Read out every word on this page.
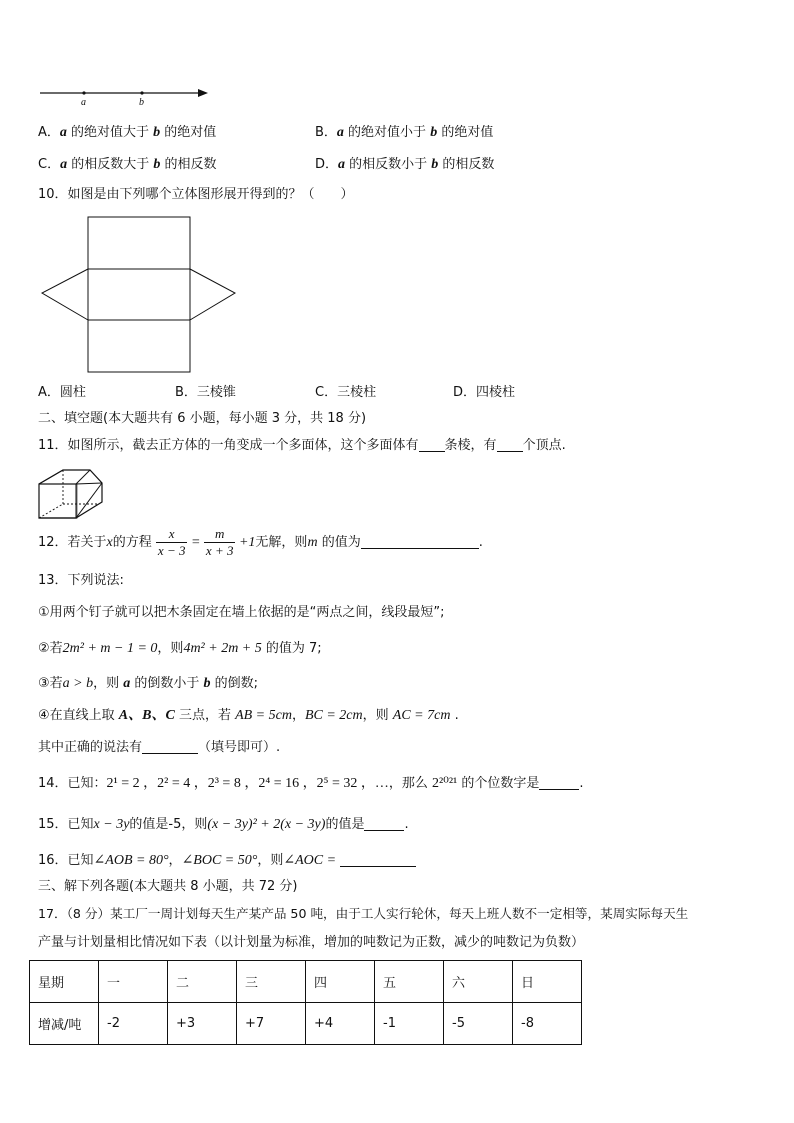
a	b
A．a 的绝对值大于 b 的绝对值	B．a 的绝对值小于 b 的绝对值
C．a 的相反数大于 b 的相反数	D．a 的相反数小于 b 的相反数
10．如图是由下列哪个立体图形展开得到的？（　　）
A．圆柱	B．三棱锥	C．三棱柱	D．四棱柱
二、填空题(本大题共有 6 小题，每小题 3 分，共 18 分)
11．如图所示，截去正方体的一角变成一个多面体，这个多面体有 条棱，有 个顶点.
12．若关于x的方程 $\frac{x}{x - 3} = \frac{m}{x + 3} +1$无解，则m 的值为	.
13．下列说法:
①用两个钉子就可以把木条固定在墙上依据的是“两点之间，线段最短”;
②若2m² + m − 1 = 0，则4m² + 2m + 5 的值为 7;
③若a > b，则 a 的倒数小于 b 的倒数;
④在直线上取 A、B、C 三点，若 AB = 5cm，BC = 2cm，则 AC = 7cm .
其中正确的说法有	（填号即可）.
14．已知：2¹ = 2 ，2² = 4 ，2³ = 8 ，2⁴ = 16 ，2⁵ = 32 ，…，那么 2²⁰²¹ 的个位数字是	.
15．已知x − 3y的值是-5，则(x − 3y)² + 2(x − 3y)的值是	.
16．已知∠AOB = 80°，∠BOC = 50°，则∠AOC =
三、解下列各题(本大题共 8 小题，共 72 分)
17．（8 分）某工厂一周计划每天生产某产品 50 吨，由于工人实行轮休，每天上班人数不一定相等，某周实际每天生
产量与计划量相比情况如下表（以计划量为标准，增加的吨数记为正数，减少的吨数记为负数）
星期	一	二	三	四	五	六	日
增减/吨	-2	+3	+7	+4	-1	-5	-8
